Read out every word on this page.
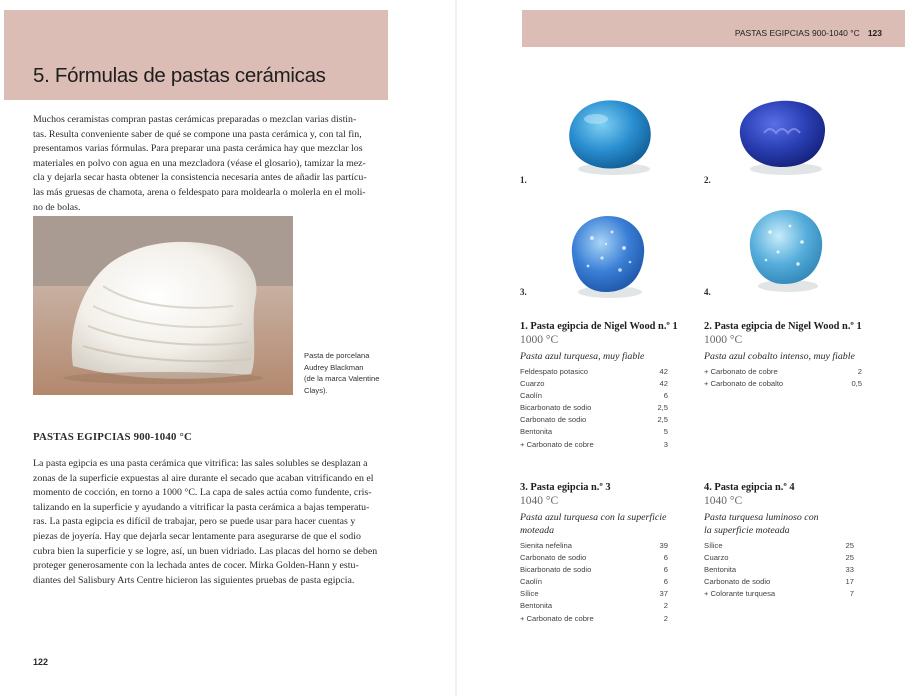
5. Fórmulas de pastas cerámicas
Muchos ceramistas compran pastas cerámicas preparadas o mezclan varias distin-
tas. Resulta conveniente saber de qué se compone una pasta cerámica y, con tal fin,
presentamos varias fórmulas. Para preparar una pasta cerámica hay que mezclar los
materiales en polvo con agua en una mezcladora (véase el glosario), tamizar la mez-
cla y dejarla secar hasta obtener la consistencia necesaria antes de añadir las partícu-
las más gruesas de chamota, arena o feldespato para moldearla o molerla en el moli-
no de bolas.
Pasta de porcelana
Audrey Blackman
(de la marca Valentine
Clays).
PASTAS EGIPCIAS 900-1040 °C
La pasta egipcia es una pasta cerámica que vitrifica: las sales solubles se desplazan a
zonas de la superficie expuestas al aire durante el secado que acaban vitrificando en el
momento de cocción, en torno a 1000 °C. La capa de sales actúa como fundente, cris-
talizando en la superficie y ayudando a vitrificar la pasta cerámica a bajas temperatu-
ras. La pasta egipcia es difícil de trabajar, pero se puede usar para hacer cuentas y
piezas de joyería. Hay que dejarla secar lentamente para asegurarse de que el sodio
cubra bien la superficie y se logre, así, un buen vidriado. Las placas del horno se deben
proteger generosamente con la lechada antes de cocer. Mirka Golden-Hann y estu-
diantes del Salisbury Arts Centre hicieron las siguientes pruebas de pasta egipcia.
122
PASTAS EGIPCIAS 900-1040 °C 123
1.	2.
3.	4.
1. Pasta egipcia de Nigel Wood n.º 1
1000 °C
Pasta azul turquesa, muy fiable
Feldespato potasico	42
Cuarzo	42
Caolín	6
Bicarbonato de sodio	2,5
Carbonato de sodio	2,5
Bentonita	5
+ Carbonato de cobre	3
2. Pasta egipcia de Nigel Wood n.º 1
1000 °C
Pasta azul cobalto intenso, muy fiable
+ Carbonato de cobre	2
+ Carbonato de cobalto	0,5
3. Pasta egipcia n.º 3
1040 °C
Pasta azul turquesa con la superficie
moteada
Sienita nefelina	39
Carbonato de sodio	6
Bicarbonato de sodio	6
Caolín	6
Sílice	37
Bentonita	2
+ Carbonato de cobre	2
4. Pasta egipcia n.º 4
1040 °C
Pasta turquesa luminoso con
la superficie moteada
Sílice	25
Cuarzo	25
Bentonita	33
Carbonato de sodio	17
+ Colorante turquesa	7
